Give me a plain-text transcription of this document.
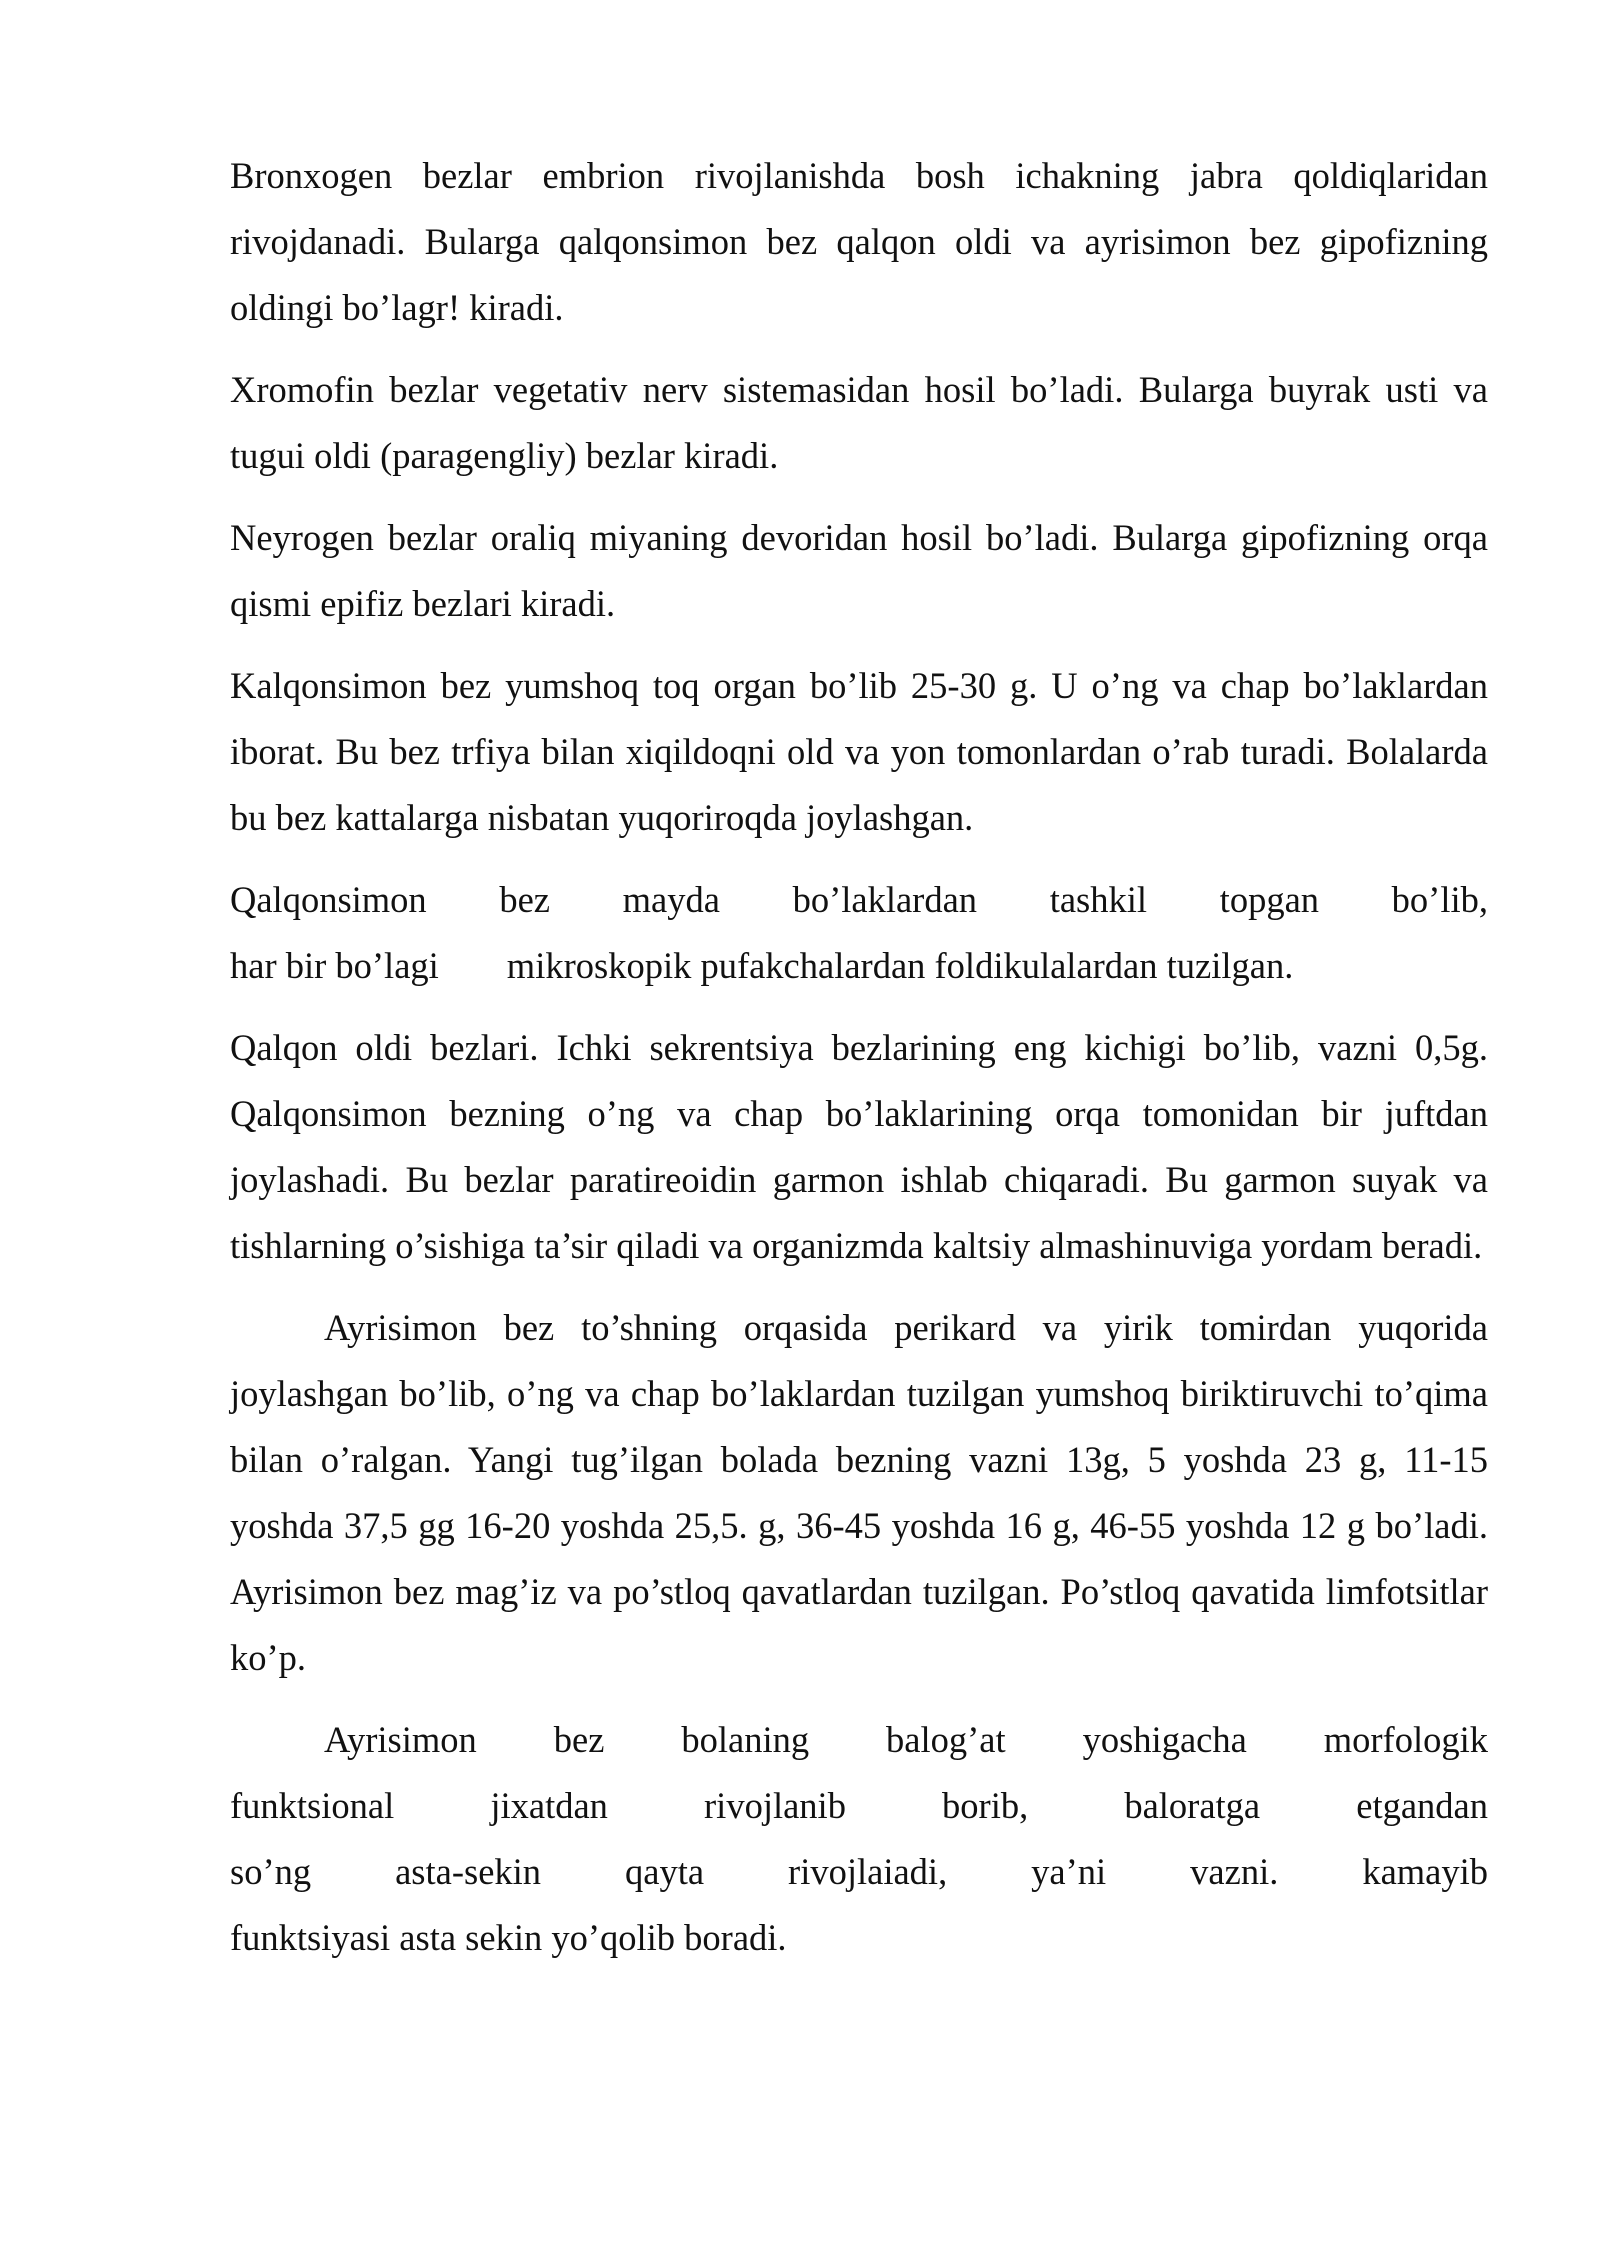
Bronxogen bezlar embrion rivojlanishda bosh ichakning jabra qoldiqlaridan rivojdanadi. Bularga qalqonsimon bez qalqon oldi va ayrisimon bez gipofizning oldingi bo’lagr! kiradi.

Xromofin bezlar vegetativ nerv sistemasidan hosil bo’ladi. Bularga buyrak usti va tugui oldi (paragengliy) bezlar kiradi.

Neyrogen bezlar oraliq miyaning devoridan hosil bo’ladi. Bularga gipofizning orqa qismi epifiz bezlari kiradi.

Kalqonsimon bez yumshoq toq organ bo’lib 25-30 g. U o’ng va chap bo’laklardan iborat. Bu bez trfiya bilan xiqildoqni old va yon tomonlardan o’rab turadi. Bolalarda bu bez kattalarga nisbatan yuqoriroqda joylashgan.

Qalqonsimon bez mayda bo’laklardan tashkil topgan bo’lib,
har bir bo’lagi mikroskopik pufakchalardan foldikulalardan tuzilgan.

Qalqon oldi bezlari. Ichki sekrentsiya bezlarining eng kichigi bo’lib, vazni 0,5g. Qalqonsimon bezning o’ng va chap bo’laklarining orqa tomonidan bir juftdan joylashadi. Bu bezlar paratireoidin garmon ishlab chiqaradi. Bu garmon suyak va tishlarning o’sishiga ta’sir qiladi va organizmda kaltsiy almashinuviga yordam beradi.

Ayrisimon bez to’shning orqasida perikard va yirik tomirdan yuqorida joylashgan bo’lib, o’ng va chap bo’laklardan tuzilgan yumshoq biriktiruvchi to’qima bilan o’ralgan. Yangi tug’ilgan bolada bezning vazni 13g, 5 yoshda 23 g, 11-15 yoshda 37,5 gg 16-20 yoshda 25,5. g, 36-45 yoshda 16 g, 46-55 yoshda 12 g bo’ladi. Ayrisimon bez mag’iz va po’stloq qavatlardan tuzilgan. Po’stloq qavatida limfotsitlar ko’p.

Ayrisimon bez bolaning balog’at yoshigacha morfologik
funktsional jixatdan rivojlanib borib, baloratga etgandan
so’ng asta-sekin qayta rivojlaiadi, ya’ni vazni. kamayib
funktsiyasi asta sekin yo’qolib boradi.
